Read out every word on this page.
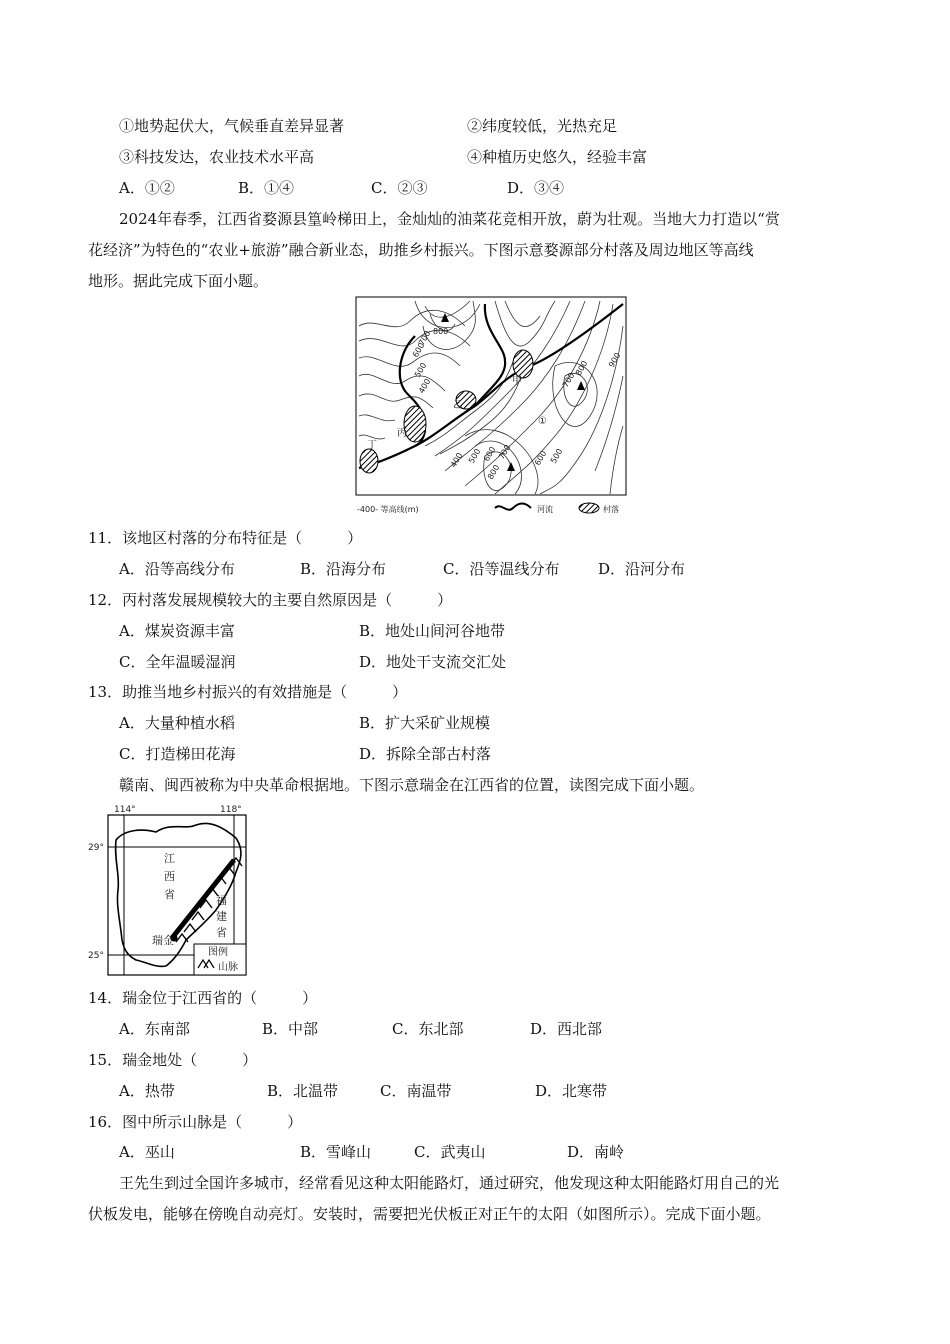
①地势起伏大，气候垂直差异显著	②纬度较低，光热充足
③科技发达，农业技术水平高	④种植历史悠久，经验丰富
A．①②	B．①④	C．②③	D．③④
2024年春季，江西省婺源县篁岭梯田上，金灿灿的油菜花竞相开放，蔚为壮观。当地大力打造以“赏
花经济”为特色的“农业+旅游”融合新业态，助推乡村振兴。下图示意婺源部分村落及周边地区等高线
地形。据此完成下面小题。
800
700
600
500
400
400 500 600 700
800
700
800 900
600 500
甲
乙
丙
丁
①
-400- 等高线(m)	河流	村落
11．该地区村落的分布特征是（　　　）
A．沿等高线分布	B．沿海分布	C．沿等温线分布	D．沿河分布
12．丙村落发展规模较大的主要自然原因是（　　　）
A．煤炭资源丰富	B．地处山间河谷地带
C．全年温暖湿润	D．地处干支流交汇处
13．助推当地乡村振兴的有效措施是（　　　）
A．大量种植水稻	B．扩大采矿业规模
C．打造梯田花海	D．拆除全部古村落
赣南、闽西被称为中央革命根据地。下图示意瑞金在江西省的位置，读图完成下面小题。
114°	118°
29°
25°
江
西
省	福
建
省
瑞金
图例
山脉
14．瑞金位于江西省的（　　　）
A．东南部	B．中部	C．东北部	D．西北部
15．瑞金地处（　　　）
A．热带	B．北温带	C．南温带	D．北寒带
16．图中所示山脉是（　　　）
A．巫山	B．雪峰山	C．武夷山	D．南岭
王先生到过全国许多城市，经常看见这种太阳能路灯，通过研究，他发现这种太阳能路灯用自己的光
伏板发电，能够在傍晚自动亮灯。安装时，需要把光伏板正对正午的太阳（如图所示）。完成下面小题。
